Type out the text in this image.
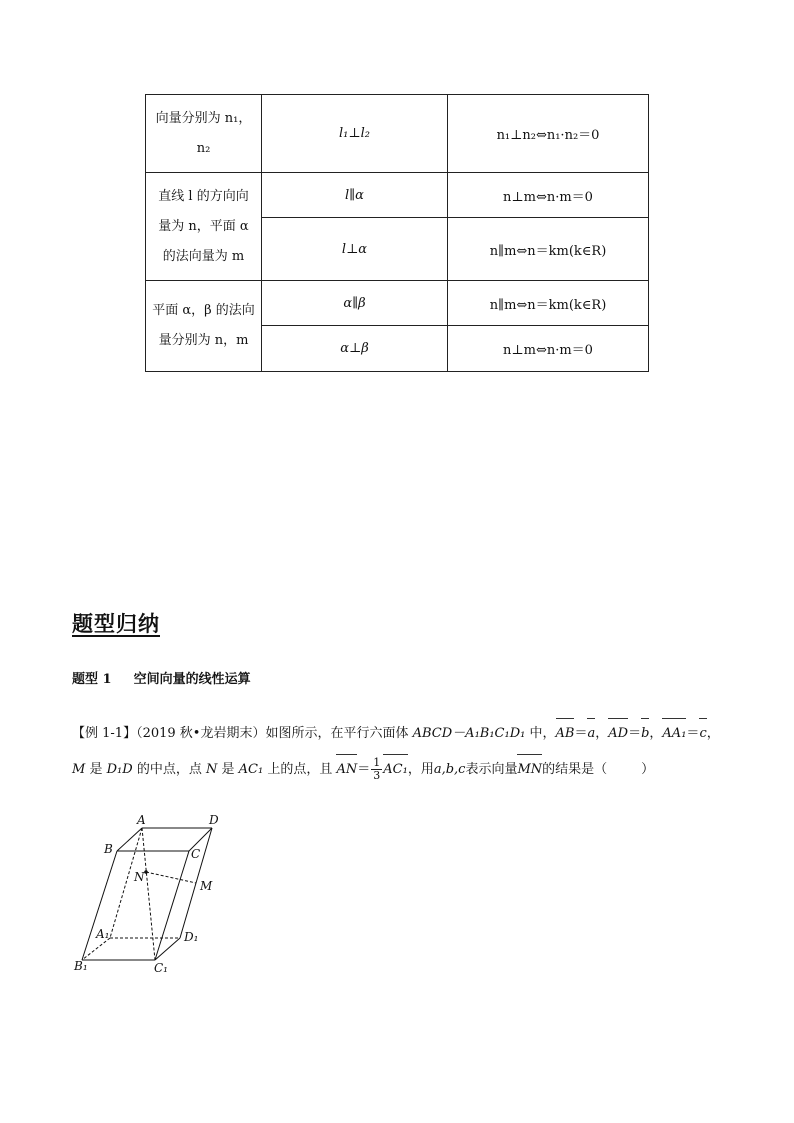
向量分别为 n₁，
n₂	l₁⊥l₂	n₁⊥n₂⇔n₁·n₂＝0

直线 l 的方向向
量为 n，平面 α
的法向量为 m	l∥α	n⊥m⇔n·m＝0
	l⊥α	n∥m⇔n＝km(k∈R)

平面 α，β 的法向
量分别为 n，m	α∥β	n∥m⇔n＝km(k∈R)
	α⊥β	n⊥m⇔n·m＝0
题型归纳
题型 1 空间向量的线性运算

【例 1-1】（2019 秋•龙岩期末）如图所示，在平行六面体 ABCD－A₁B₁C₁D₁ 中，AB＝a，AD＝b，AA₁＝c，

M 是 D₁D 的中点，点 N 是 AC₁ 上的点，且 $AN= \frac{1}{3} AC_1$，用a,b,c表示向量MN的结果是（	）

A	D
B	C
N
M
A₁	D₁
B₁	C₁
